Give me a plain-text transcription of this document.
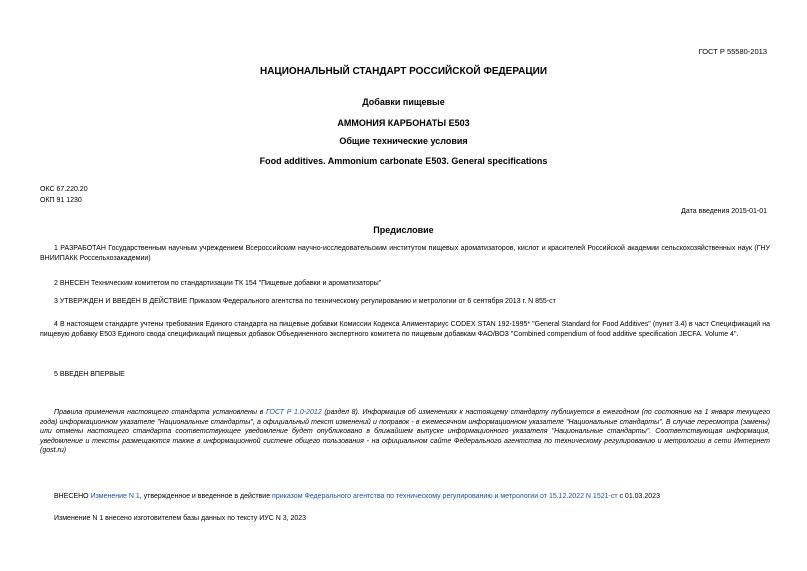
ГОСТ Р 55580-2013
НАЦИОНАЛЬНЫЙ СТАНДАРТ РОССИЙСКОЙ ФЕДЕРАЦИИ
Добавки пищевые
АММОНИЯ КАРБОНАТЫ Е503
Общие технические условия
Food additives. Ammonium carbonate E503. General specifications
ОКС 67.220.20
ОКП 91 1230
Дата введения 2015-01-01
Предисловие
1 РАЗРАБОТАН Государственным научным учреждением Всероссийским научно-исследовательским институтом пищевых ароматизаторов, кислот и красителей Российской академии сельскохозяйственных наук (ГНУ ВНИИПАКК Россельхозакадемии)
2 ВНЕСЕН Техническим комитетом по стандартизации ТК 154 "Пищевые добавки и ароматизаторы"
3 УТВЕРЖДЕН И ВВЕДЕН В ДЕЙСТВИЕ Приказом Федерального агентства по техническому регулированию и метрологии от 6 сентября 2013 г. N 855-ст
4 В настоящем стандарте учтены требования Единого стандарта на пищевые добавки Комиссии Кодекса Алиментариус CODEX STAN 192-1995* "General Standard for Food Additives" (пункт 3.4) в част Спецификаций на пищевую добавку Е503 Единого свода спецификаций пищевых добавок Объединенного экспертного комитета по пищевым добавкам ФАО/ВОЗ "Combined compendium of food additive specification JECFA. Volume 4".
5 ВВЕДЕН ВПЕРВЫЕ
Правила применения настоящего стандарта установлены в ГОСТ Р 1.0-2012 (раздел 8). Информация об изменениях к настоящему стандарту публикуется в ежегодном (по состоянию на 1 января текущего года) информационном указателе "Национальные стандарты", а официальный текст изменений и поправок - в ежемесячном информационном указателе "Национальные стандарты". В случае пересмотра (замены) или отмены настоящего стандарта соответствующее уведомление будет опубликовано в ближайшем выпуске информационного указателя "Национальные стандарты". Соответствующая информация, уведомление и тексты размещаются также в информационной системе общего пользования - на официальном сайте Федерального агентства по техническому регулированию и метрологии в сети Интернет (gost.ru)
ВНЕСЕНО Изменение N 1, утвержденное и введенное в действие приказом Федерального агентства по техническому регулированию и метрологии от 15.12.2022 N 1521-ст с 01.03.2023
Изменение N 1 внесено изготовителем базы данных по тексту ИУС N 3, 2023
